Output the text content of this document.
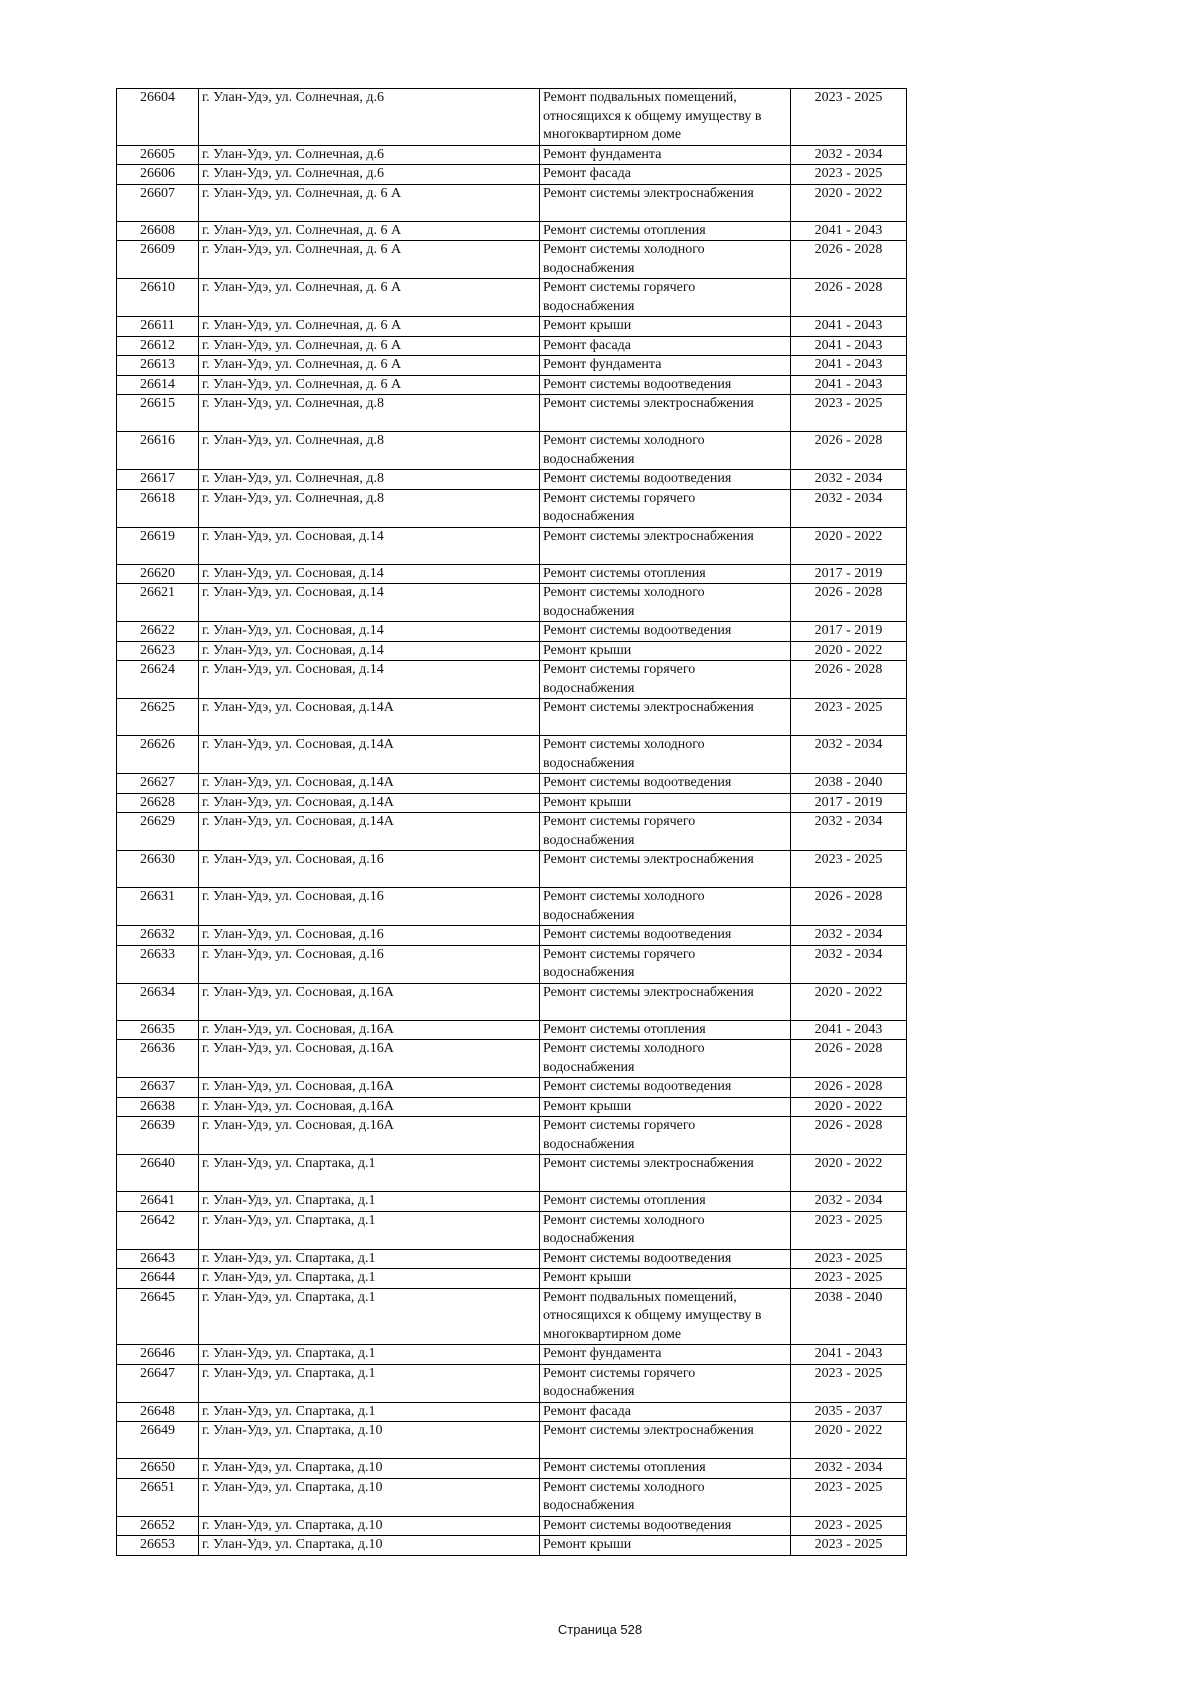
26604	г. Улан-Удэ, ул. Солнечная, д.6	Ремонт подвальных помещений, относящихся к общему имуществу в многоквартирном доме	2023 - 2025
26605	г. Улан-Удэ, ул. Солнечная, д.6	Ремонт фундамента	2032 - 2034
26606	г. Улан-Удэ, ул. Солнечная, д.6	Ремонт фасада	2023 - 2025
26607	г. Улан-Удэ, ул. Солнечная, д. 6 А	Ремонт системы электроснабжения	2020 - 2022
26608	г. Улан-Удэ, ул. Солнечная, д. 6 А	Ремонт системы отопления	2041 - 2043
26609	г. Улан-Удэ, ул. Солнечная, д. 6 А	Ремонт системы холодного водоснабжения	2026 - 2028
26610	г. Улан-Удэ, ул. Солнечная, д. 6 А	Ремонт системы горячего водоснабжения	2026 - 2028
26611	г. Улан-Удэ, ул. Солнечная, д. 6 А	Ремонт крыши	2041 - 2043
26612	г. Улан-Удэ, ул. Солнечная, д. 6 А	Ремонт фасада	2041 - 2043
26613	г. Улан-Удэ, ул. Солнечная, д. 6 А	Ремонт фундамента	2041 - 2043
26614	г. Улан-Удэ, ул. Солнечная, д. 6 А	Ремонт системы водоотведения	2041 - 2043
26615	г. Улан-Удэ, ул. Солнечная, д.8	Ремонт системы электроснабжения	2023 - 2025
26616	г. Улан-Удэ, ул. Солнечная, д.8	Ремонт системы холодного водоснабжения	2026 - 2028
26617	г. Улан-Удэ, ул. Солнечная, д.8	Ремонт системы водоотведения	2032 - 2034
26618	г. Улан-Удэ, ул. Солнечная, д.8	Ремонт системы горячего водоснабжения	2032 - 2034
26619	г. Улан-Удэ, ул. Сосновая, д.14	Ремонт системы электроснабжения	2020 - 2022
26620	г. Улан-Удэ, ул. Сосновая, д.14	Ремонт системы отопления	2017 - 2019
26621	г. Улан-Удэ, ул. Сосновая, д.14	Ремонт системы холодного водоснабжения	2026 - 2028
26622	г. Улан-Удэ, ул. Сосновая, д.14	Ремонт системы водоотведения	2017 - 2019
26623	г. Улан-Удэ, ул. Сосновая, д.14	Ремонт крыши	2020 - 2022
26624	г. Улан-Удэ, ул. Сосновая, д.14	Ремонт системы горячего водоснабжения	2026 - 2028
26625	г. Улан-Удэ, ул. Сосновая, д.14А	Ремонт системы электроснабжения	2023 - 2025
26626	г. Улан-Удэ, ул. Сосновая, д.14А	Ремонт системы холодного водоснабжения	2032 - 2034
26627	г. Улан-Удэ, ул. Сосновая, д.14А	Ремонт системы водоотведения	2038 - 2040
26628	г. Улан-Удэ, ул. Сосновая, д.14А	Ремонт крыши	2017 - 2019
26629	г. Улан-Удэ, ул. Сосновая, д.14А	Ремонт системы горячего водоснабжения	2032 - 2034
26630	г. Улан-Удэ, ул. Сосновая, д.16	Ремонт системы электроснабжения	2023 - 2025
26631	г. Улан-Удэ, ул. Сосновая, д.16	Ремонт системы холодного водоснабжения	2026 - 2028
26632	г. Улан-Удэ, ул. Сосновая, д.16	Ремонт системы водоотведения	2032 - 2034
26633	г. Улан-Удэ, ул. Сосновая, д.16	Ремонт системы горячего водоснабжения	2032 - 2034
26634	г. Улан-Удэ, ул. Сосновая, д.16А	Ремонт системы электроснабжения	2020 - 2022
26635	г. Улан-Удэ, ул. Сосновая, д.16А	Ремонт системы отопления	2041 - 2043
26636	г. Улан-Удэ, ул. Сосновая, д.16А	Ремонт системы холодного водоснабжения	2026 - 2028
26637	г. Улан-Удэ, ул. Сосновая, д.16А	Ремонт системы водоотведения	2026 - 2028
26638	г. Улан-Удэ, ул. Сосновая, д.16А	Ремонт крыши	2020 - 2022
26639	г. Улан-Удэ, ул. Сосновая, д.16А	Ремонт системы горячего водоснабжения	2026 - 2028
26640	г. Улан-Удэ, ул. Спартака, д.1	Ремонт системы электроснабжения	2020 - 2022
26641	г. Улан-Удэ, ул. Спартака, д.1	Ремонт системы отопления	2032 - 2034
26642	г. Улан-Удэ, ул. Спартака, д.1	Ремонт системы холодного водоснабжения	2023 - 2025
26643	г. Улан-Удэ, ул. Спартака, д.1	Ремонт системы водоотведения	2023 - 2025
26644	г. Улан-Удэ, ул. Спартака, д.1	Ремонт крыши	2023 - 2025
26645	г. Улан-Удэ, ул. Спартака, д.1	Ремонт подвальных помещений, относящихся к общему имуществу в многоквартирном доме	2038 - 2040
26646	г. Улан-Удэ, ул. Спартака, д.1	Ремонт фундамента	2041 - 2043
26647	г. Улан-Удэ, ул. Спартака, д.1	Ремонт системы горячего водоснабжения	2023 - 2025
26648	г. Улан-Удэ, ул. Спартака, д.1	Ремонт фасада	2035 - 2037
26649	г. Улан-Удэ, ул. Спартака, д.10	Ремонт системы электроснабжения	2020 - 2022
26650	г. Улан-Удэ, ул. Спартака, д.10	Ремонт системы отопления	2032 - 2034
26651	г. Улан-Удэ, ул. Спартака, д.10	Ремонт системы холодного водоснабжения	2023 - 2025
26652	г. Улан-Удэ, ул. Спартака, д.10	Ремонт системы водоотведения	2023 - 2025
26653	г. Улан-Удэ, ул. Спартака, д.10	Ремонт крыши	2023 - 2025
Страница 528
